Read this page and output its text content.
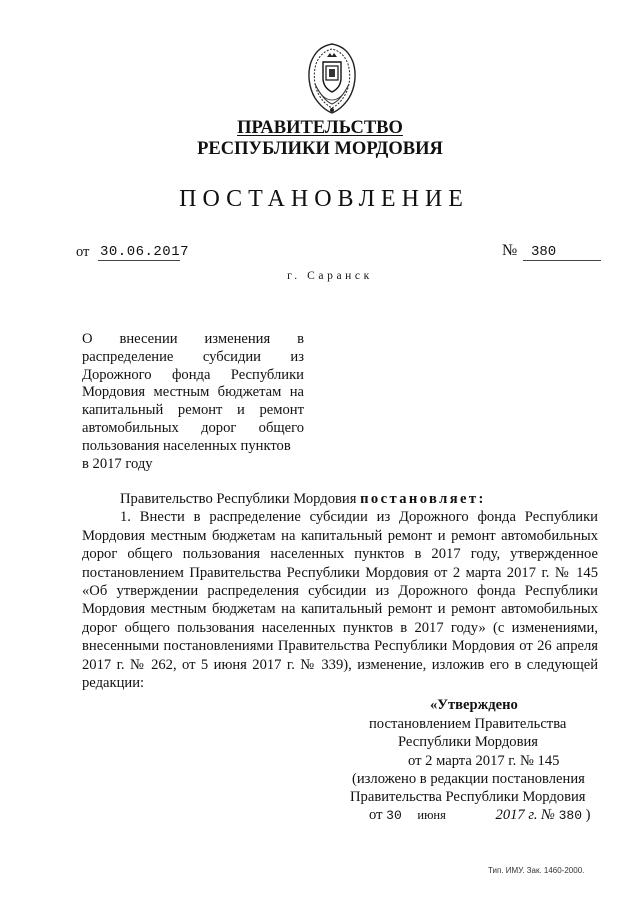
ПРАВИТЕЛЬСТВО
РЕСПУБЛИКИ МОРДОВИЯ
ПОСТАНОВЛЕНИЕ
от 30.06.2017	№ 380
г. Саранск
О внесении изменения в распределение субсидии из Дорожного фонда Республики Мордовия местным бюджетам на капитальный ремонт и ремонт автомобильных дорог общего пользования населенных пунктов
в 2017 году

Правительство Республики Мордовия постановляет:

1. Внести в распределение субсидии из Дорожного фонда Республики Мордовия местным бюджетам на капитальный ремонт и ремонт автомобильных дорог общего пользования населенных пунктов в 2017 году, утвержденное постановлением Правительства Республики Мордовия от 2 марта 2017 г. № 145 «Об утверждении распределения субсидии из Дорожного фонда Республики Мордовия местным бюджетам на капитальный ремонт и ремонт автомобильных дорог общего пользования населенных пунктов в 2017 году» (с изменениями, внесенными постановлениями Правительства Республики Мордовия от 26 апреля 2017 г. № 262, от 5 июня 2017 г. № 339), изменение, изложив его в следующей редакции:

«Утверждено
постановлением Правительства
Республики Мордовия
от 2 марта 2017 г. № 145
(изложено в редакции постановления
Правительства Республики Мордовия
от 30 июня	2017 г. № 380 )
Тип. ИМУ. Зак. 1460-2000.
